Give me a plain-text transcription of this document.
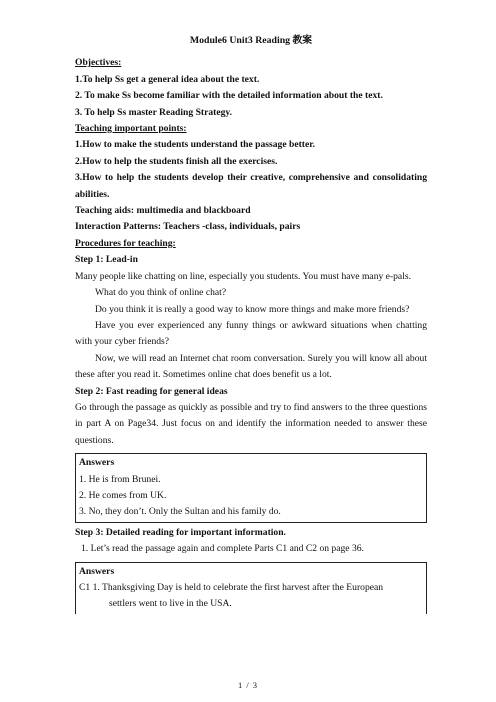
Module6 Unit3 Reading 教案

Objectives:

1.To help Ss get a general idea about the text.

2. To make Ss become familiar with the detailed information about the text.

3. To help Ss master Reading Strategy.

Teaching important points:

1.How to make the students understand the passage better.

2.How to help the students finish all the exercises.

3.How to help the students develop their creative, comprehensive and consolidating abilities.

Teaching aids: multimedia and blackboard

Interaction Patterns: Teachers -class, individuals, pairs

Procedures for teaching:

Step 1: Lead-in

Many people like chatting on line, especially you students. You must have many e-pals.

What do you think of online chat?

Do you think it is really a good way to know more things and make more friends?

Have you ever experienced any funny things or awkward situations when chatting with your cyber friends?

Now, we will read an Internet chat room conversation. Surely you will know all about these after you read it. Sometimes online chat does benefit us a lot.

Step 2: Fast reading for general ideas

Go through the passage as quickly as possible and try to find answers to the three questions in part A on Page34. Just focus on and identify the information needed to answer these questions.

Answers

1. He is from Brunei.

2. He comes from UK.

3. No, they don’t. Only the Sultan and his family do.

Step 3: Detailed reading for important information.

1. Let’s read the passage again and complete Parts C1 and C2 on page 36.

Answers

C1 1. Thanksgiving Day is held to celebrate the first harvest after the European

settlers went to live in the USA.

1 / 3
